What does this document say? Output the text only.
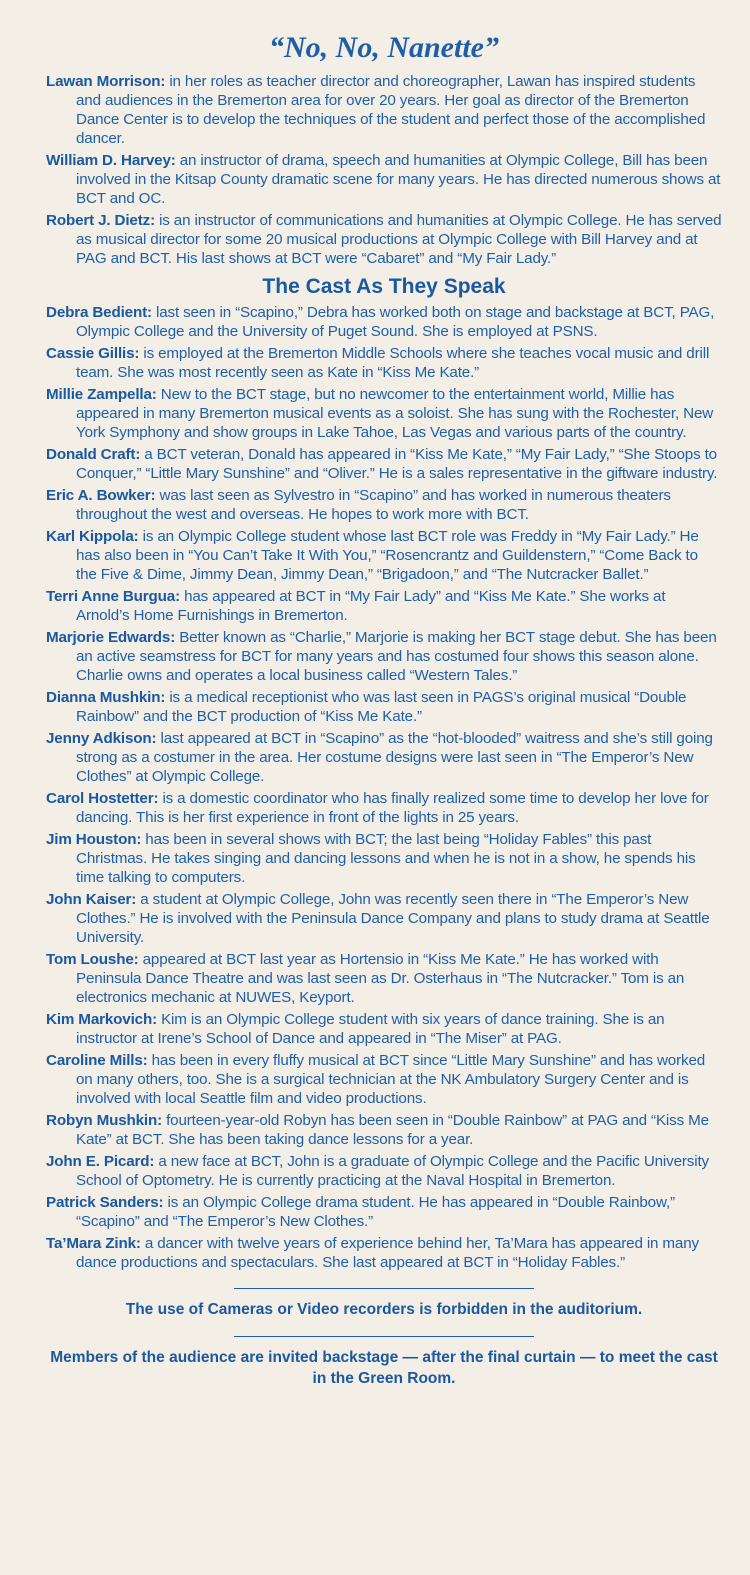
“No, No, Nanette”

Lawan Morrison: in her roles as teacher director and choreographer, Lawan has inspired students and audiences in the Bremerton area for over 20 years. Her goal as director of the Bremerton Dance Center is to develop the techniques of the student and perfect those of the accomplished dancer.

William D. Harvey: an instructor of drama, speech and humanities at Olympic College, Bill has been involved in the Kitsap County dramatic scene for many years. He has directed numerous shows at BCT and OC.

Robert J. Dietz: is an instructor of communications and humanities at Olympic College. He has served as musical director for some 20 musical productions at Olympic College with Bill Harvey and at PAG and BCT. His last shows at BCT were “Cabaret” and “My Fair Lady.”

The Cast As They Speak

Debra Bedient: last seen in “Scapino,” Debra has worked both on stage and backstage at BCT, PAG, Olympic College and the University of Puget Sound. She is employed at PSNS.

Cassie Gillis: is employed at the Bremerton Middle Schools where she teaches vocal music and drill team. She was most recently seen as Kate in “Kiss Me Kate.”

Millie Zampella: New to the BCT stage, but no newcomer to the entertainment world, Millie has appeared in many Bremerton musical events as a soloist. She has sung with the Rochester, New York Symphony and show groups in Lake Tahoe, Las Vegas and various parts of the country.

Donald Craft: a BCT veteran, Donald has appeared in “Kiss Me Kate,” “My Fair Lady,” “She Stoops to Conquer,” “Little Mary Sunshine” and “Oliver.” He is a sales representative in the giftware industry.

Eric A. Bowker: was last seen as Sylvestro in “Scapino” and has worked in numerous theaters throughout the west and overseas. He hopes to work more with BCT.

Karl Kippola: is an Olympic College student whose last BCT role was Freddy in “My Fair Lady.” He has also been in “You Can’t Take It With You,” “Rosencrantz and Guildenstern,” “Come Back to the Five & Dime, Jimmy Dean, Jimmy Dean,” “Brigadoon,” and “The Nutcracker Ballet.”

Terri Anne Burgua: has appeared at BCT in “My Fair Lady” and “Kiss Me Kate.” She works at Arnold’s Home Furnishings in Bremerton.

Marjorie Edwards: Better known as “Charlie,” Marjorie is making her BCT stage debut. She has been an active seamstress for BCT for many years and has costumed four shows this season alone. Charlie owns and operates a local business called “Western Tales.”

Dianna Mushkin: is a medical receptionist who was last seen in PAGS’s original musical “Double Rainbow” and the BCT production of “Kiss Me Kate.”

Jenny Adkison: last appeared at BCT in “Scapino” as the “hot-blooded” waitress and she’s still going strong as a costumer in the area. Her costume designs were last seen in “The Emperor’s New Clothes” at Olympic College.

Carol Hostetter: is a domestic coordinator who has finally realized some time to develop her love for dancing. This is her first experience in front of the lights in 25 years.

Jim Houston: has been in several shows with BCT; the last being “Holiday Fables” this past Christmas. He takes singing and dancing lessons and when he is not in a show, he spends his time talking to computers.

John Kaiser: a student at Olympic College, John was recently seen there in “The Emperor’s New Clothes.” He is involved with the Peninsula Dance Company and plans to study drama at Seattle University.

Tom Loushe: appeared at BCT last year as Hortensio in “Kiss Me Kate.” He has worked with Peninsula Dance Theatre and was last seen as Dr. Osterhaus in “The Nutcracker.” Tom is an electronics mechanic at NUWES, Keyport.

Kim Markovich: Kim is an Olympic College student with six years of dance training. She is an instructor at Irene’s School of Dance and appeared in “The Miser” at PAG.

Caroline Mills: has been in every fluffy musical at BCT since “Little Mary Sunshine” and has worked on many others, too. She is a surgical technician at the NK Ambulatory Surgery Center and is involved with local Seattle film and video productions.

Robyn Mushkin: fourteen-year-old Robyn has been seen in “Double Rainbow” at PAG and “Kiss Me Kate” at BCT. She has been taking dance lessons for a year.

John E. Picard: a new face at BCT, John is a graduate of Olympic College and the Pacific University School of Optometry. He is currently practicing at the Naval Hospital in Bremerton.

Patrick Sanders: is an Olympic College drama student. He has appeared in “Double Rainbow,” “Scapino” and “The Emperor’s New Clothes.”

Ta’Mara Zink: a dancer with twelve years of experience behind her, Ta’Mara has appeared in many dance productions and spectaculars. She last appeared at BCT in “Holiday Fables.”

The use of Cameras or Video recorders is forbidden in the auditorium.

Members of the audience are invited backstage — after the final curtain — to meet the cast in the Green Room.
